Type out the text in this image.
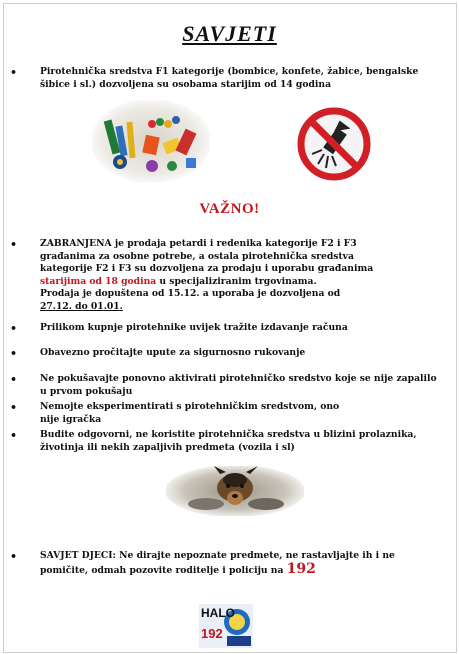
SAVJETI
• Pirotehnička sredstva F1 kategorije (bombice, konfete, žabice, bengalske šibice i sl.) dozvoljena su osobama starijim od 14 godina
VAŽNO!
• ZABRANJENA je prodaja petardi i redenika kategorije F2 i F3 građanima za osobne potrebe, a ostala pirotehnička sredstva kategorije F2 i F3 su dozvoljena za prodaju i uporabu građanima starijima od 18 godina u specijaliziranim trgovinama.
Prodaja je dopuštena od 15.12. a uporaba je dozvoljena od
27.12. do 01.01.
• Prilikom kupnje pirotehnike uvijek tražite izdavanje računa
• Obavezno pročitajte upute za sigurnosno rukovanje
• Ne pokušavajte ponovno aktivirati pirotehničko sredstvo koje se nije zapalilo u prvom pokušaju
• Nemojte eksperimentirati s pirotehničkim sredstvom, ono nije igračka
• Budite odgovorni, ne koristite pirotehnička sredstva u blizini prolaznika, životinja ili nekih zapaljivih predmeta (vozila i sl)
• SAVJET DJECI: Ne dirajte nepoznate predmete, ne rastavljajte ih i ne pomičite, odmah pozovite roditelje i policiju na 192
HALO
192
